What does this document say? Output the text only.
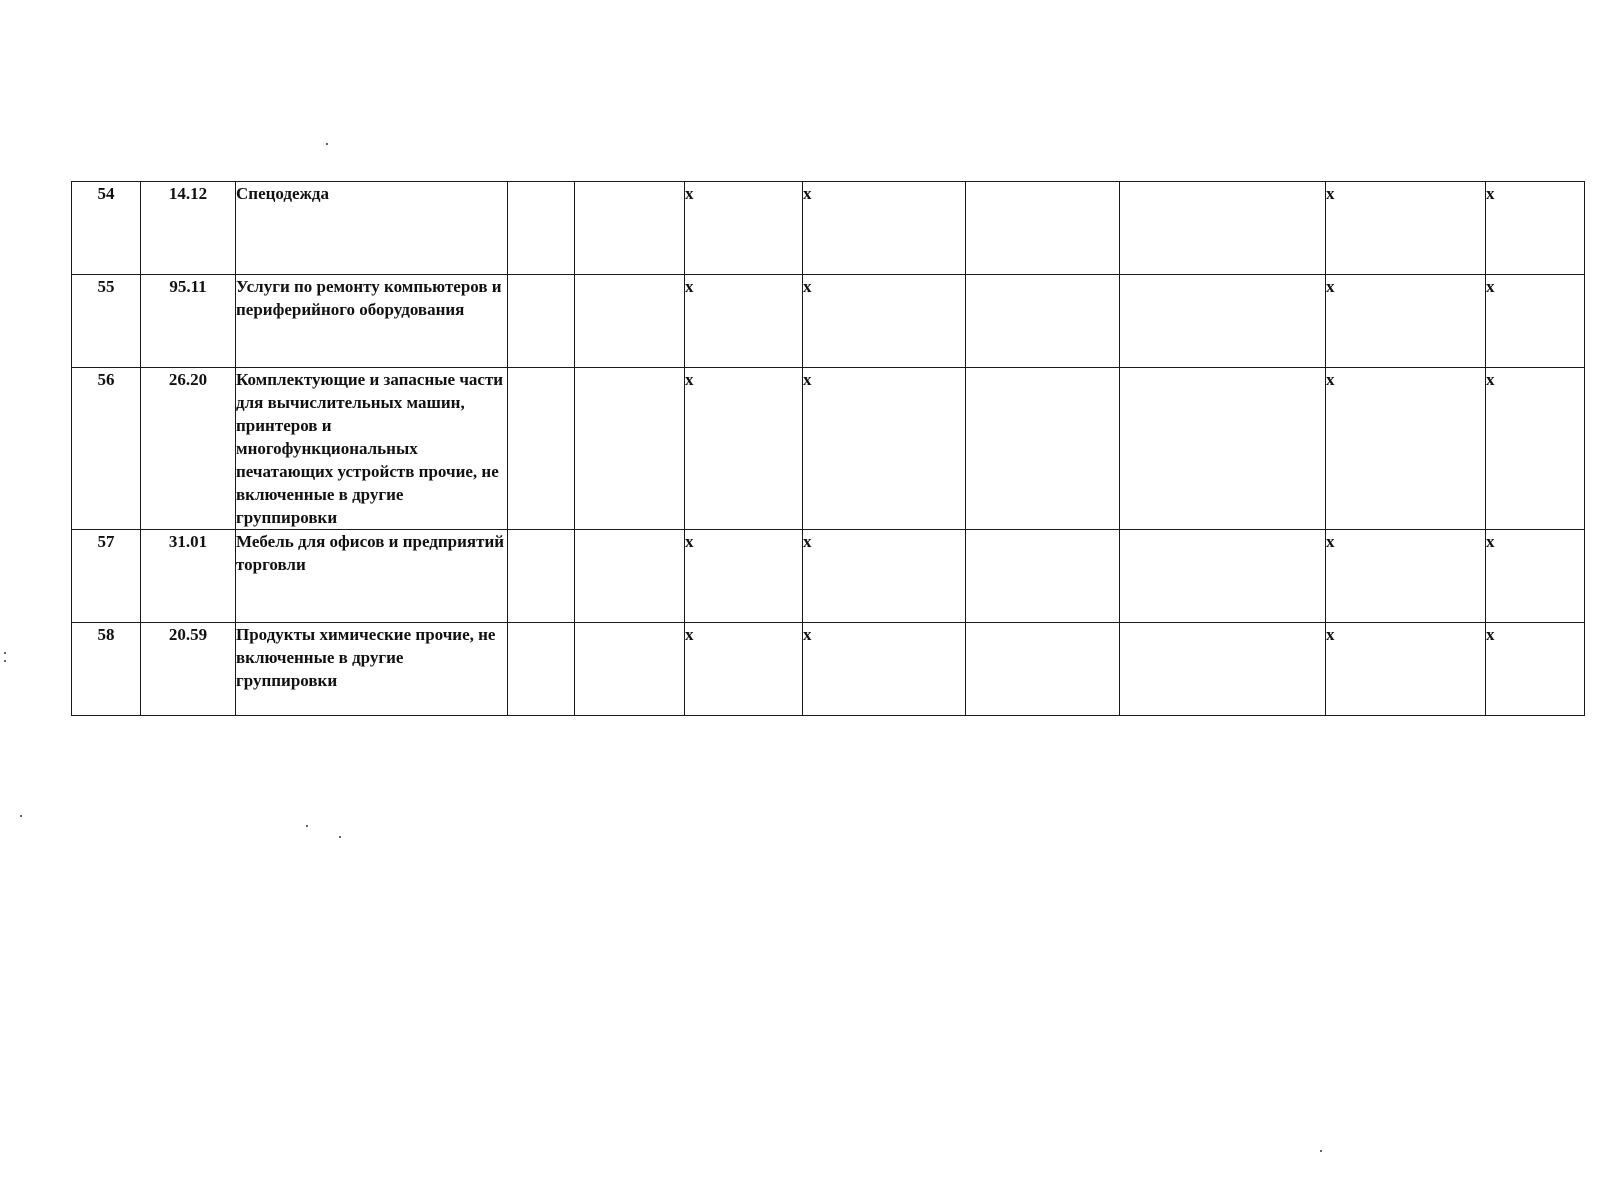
54	14.12	Спецодежда			x	x			x	x
55	95.11	Услуги по ремонту компьютеров и периферийного оборудования			x	x			x	x
56	26.20	Комплектующие и запасные части для вычислительных машин, принтеров и многофункциональных печатающих устройств прочие, не включенные в другие группировки			x	x			x	x
57	31.01	Мебель для офисов и предприятий торговли			x	x			x	x
58	20.59	Продукты химические прочие, не включенные в другие группировки			x	x			x	x
